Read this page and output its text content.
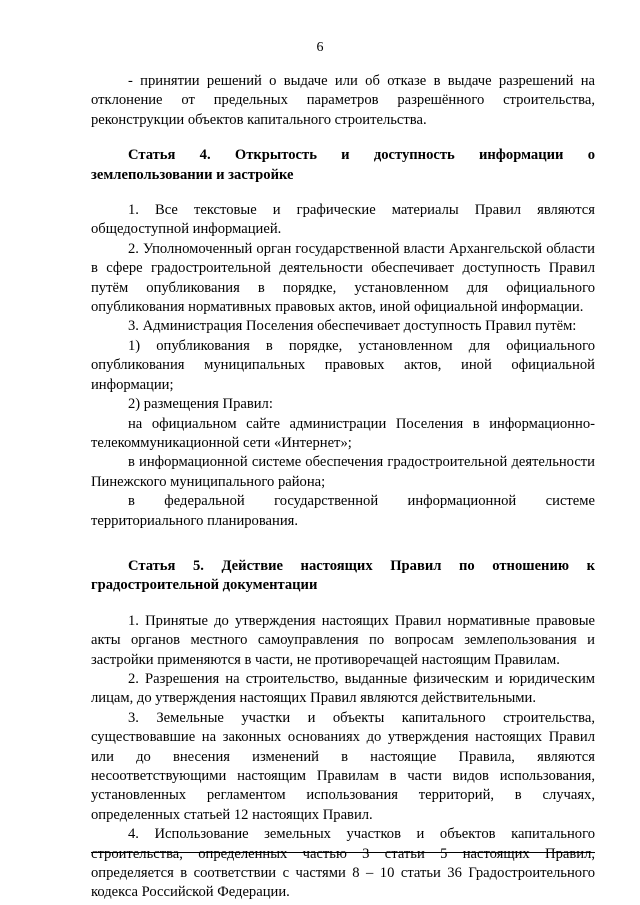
6

- принятии решений о выдаче или об отказе в выдаче разрешений на отклонение от предельных параметров разрешённого строительства, реконструкции объектов капитального строительства.

Статья 4. Открытость и доступность информации о землепользовании и застройке

1. Все текстовые и графические материалы Правил являются общедоступной информацией.

2. Уполномоченный орган государственной власти Архангельской области в сфере градостроительной деятельности обеспечивает доступность Правил путём опубликования в порядке, установленном для официального опубликования нормативных правовых актов, иной официальной информации.

3. Администрация Поселения обеспечивает доступность Правил путём:

1) опубликования в порядке, установленном для официального опубликования муниципальных правовых актов, иной официальной информации;

2) размещения Правил:

на официальном сайте администрации Поселения в информационно-телекоммуникационной сети «Интернет»;

в информационной системе обеспечения градостроительной деятельности Пинежского муниципального района;

в федеральной государственной информационной системе территориального планирования.

Статья 5. Действие настоящих Правил по отношению к градостроительной документации

1. Принятые до утверждения настоящих Правил нормативные правовые акты органов местного самоуправления по вопросам землепользования и застройки применяются в части, не противоречащей настоящим Правилам.

2. Разрешения на строительство, выданные физическим и юридическим лицам, до утверждения настоящих Правил являются действительными.

3. Земельные участки и объекты капитального строительства, существовавшие на законных основаниях до утверждения настоящих Правил или до внесения изменений в настоящие Правила, являются несоответствующими настоящим Правилам в части видов использования, установленных регламентом использования территорий, в случаях, определенных статьей 12 настоящих Правил.

4. Использование земельных участков и объектов капитального строительства, определенных частью 3 статьи 5 настоящих Правил, определяется в соответствии с частями 8 – 10 статьи 36 Градостроительного кодекса Российской Федерации.
